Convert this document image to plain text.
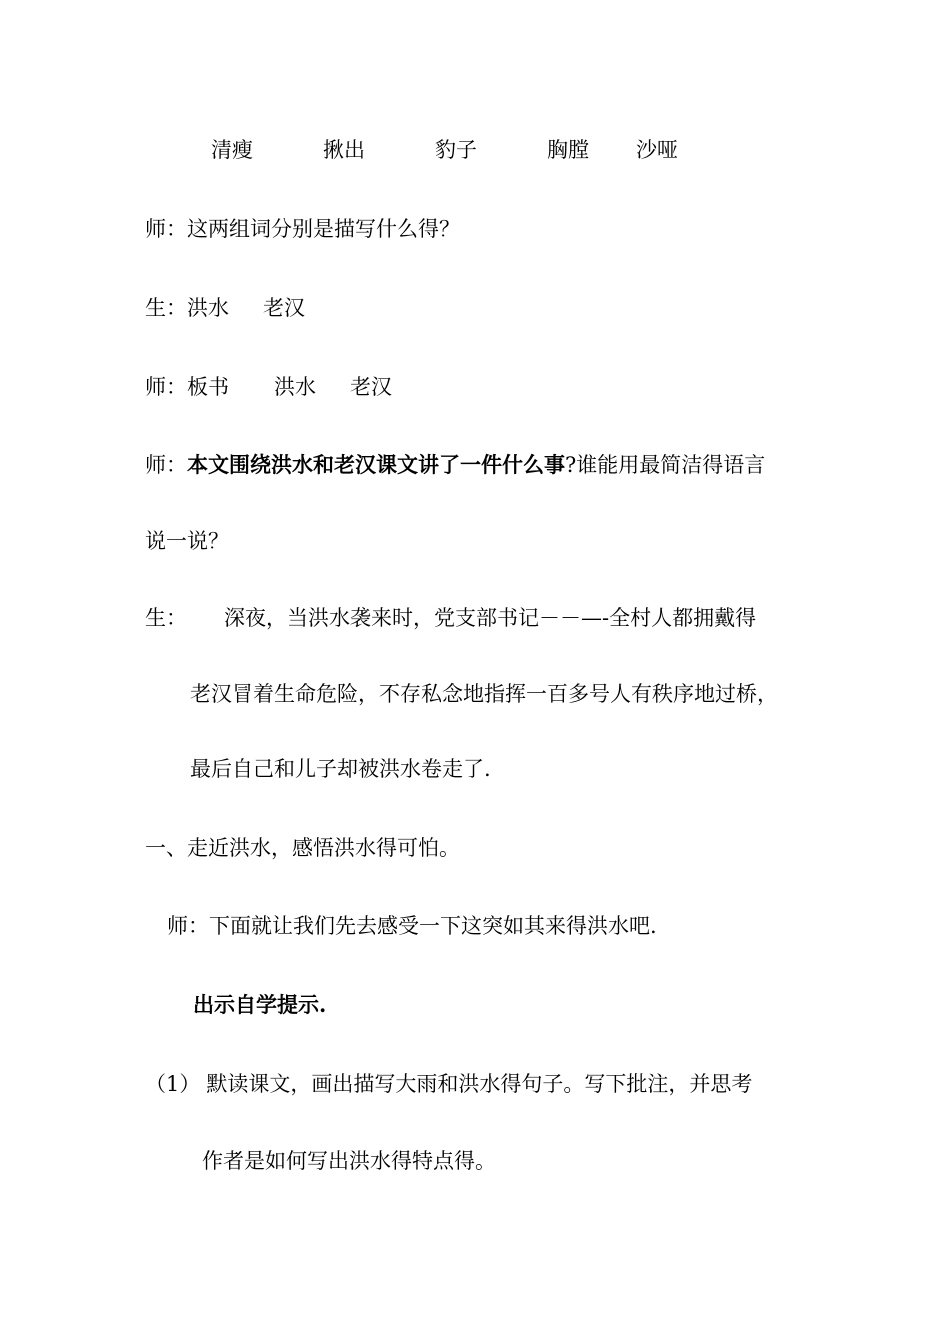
清瘦	揪出	豹子	胸膛 沙哑
师：这两组词分别是描写什么得？
生：洪水 老汉
师：板书 洪水 老汉
师：本文围绕洪水和老汉课文讲了一件什么事?谁能用最简洁得语言
说一说？
生： 深夜，当洪水袭来时，党支部书记－－—-全村人都拥戴得
老汉冒着生命危险，不存私念地指挥一百多号人有秩序地过桥，
最后自己和儿子却被洪水卷走了.
一、走近洪水，感悟洪水得可怕。
师：下面就让我们先去感受一下这突如其来得洪水吧.
出示自学提示.
（1） 默读课文，画出描写大雨和洪水得句子。写下批注，并思考
作者是如何写出洪水得特点得。
